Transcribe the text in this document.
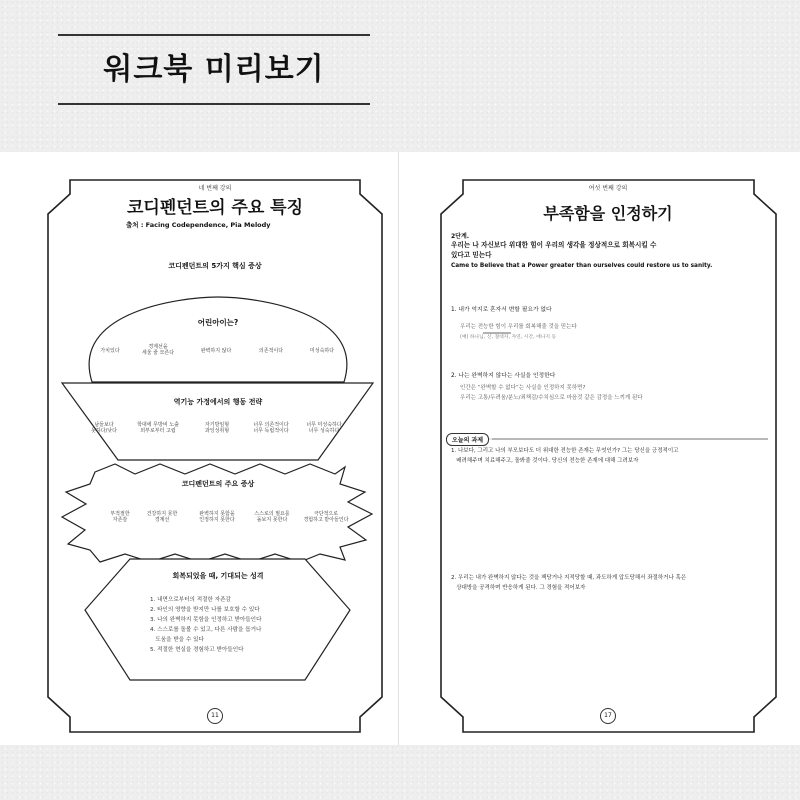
워크북 미리보기
네 번째 강의
코디펜던트의 주요 특징
출처 : Facing Codependence, Pia Melody
코디펜던트의 5가지 핵심 증상
어린아이는?
가치있다
경계선을
세울 줄 모른다	완벽하지 않다	의존적이다	미성숙하다
역기능 가정에서의 행동 전략
남들보다
못하다/낫다
학대에 무방비 노출
외부로부터 고립
자기방임형
과잉성취형
너무 의존적이다
너무 독립적이다
너무 미성숙하다
너무 성숙하다
코디펜던트의 주요 증상
부적절한
자존감
건강하지 못한
경계선
완벽하지 못함을
인정하지 못한다
스스로의 필요를
돌보지 못한다
극단적으로
경험하고 받아들인다
회복되었을 때, 기대되는 성격
1. 내면으로부터의 적절한 자존감
2. 타인의 영향을 받지만 나를 보호할 수 있다
3. 나의 완벽하지 못함을 인정하고 받아들인다
4. 스스로를 돌볼 수 있고, 다른 사람을 돕거나
도움을 받을 수 있다
5. 적절한 현실을 경험하고 받아들인다
11
여섯 번째 강의
부족함을 인정하기
2단계.
우리는 나 자신보다 위대한 힘이 우리의 생각을 정상적으로 회복시킬 수
있다고 믿는다
Came to Believe that a Power greater than ourselves could restore us to sanity.
1. 내가 억지로 혼자서 변할 필요가 없다
우리는 전능한 힘이 우리를 회복해줄 것을 믿는다
(예) 하나님, 신, 절대자, 자연, 시간, 애나지 등
2. 나는 완벽하지 않다는 사실을 인정한다
인간은 “완벽할 수 없다”는 사실을 인정하지 못하면?
우리는 고통/두려움/분노/죄책감/수치심으로 마음것 같은 감정을 느끼게 된다
오늘의 과제
1. 나보다, 그리고 나의 부모보다도 더 위대한 전능한 존재는 무엇인가? 그는 당신을 긍정적이고
배려해주며 치료해주고, 돌봐줄 것이다. 당신의 전능한 존재에 대해 그려보자
2. 우리는 내가 완벽하지 않다는 것을 책당거나 지적당할 때, 과도하게 압도당해서 좌절하거나 혹은
상대방을 공격하며 반응하게 된다. 그 경험을 적어보자
17
